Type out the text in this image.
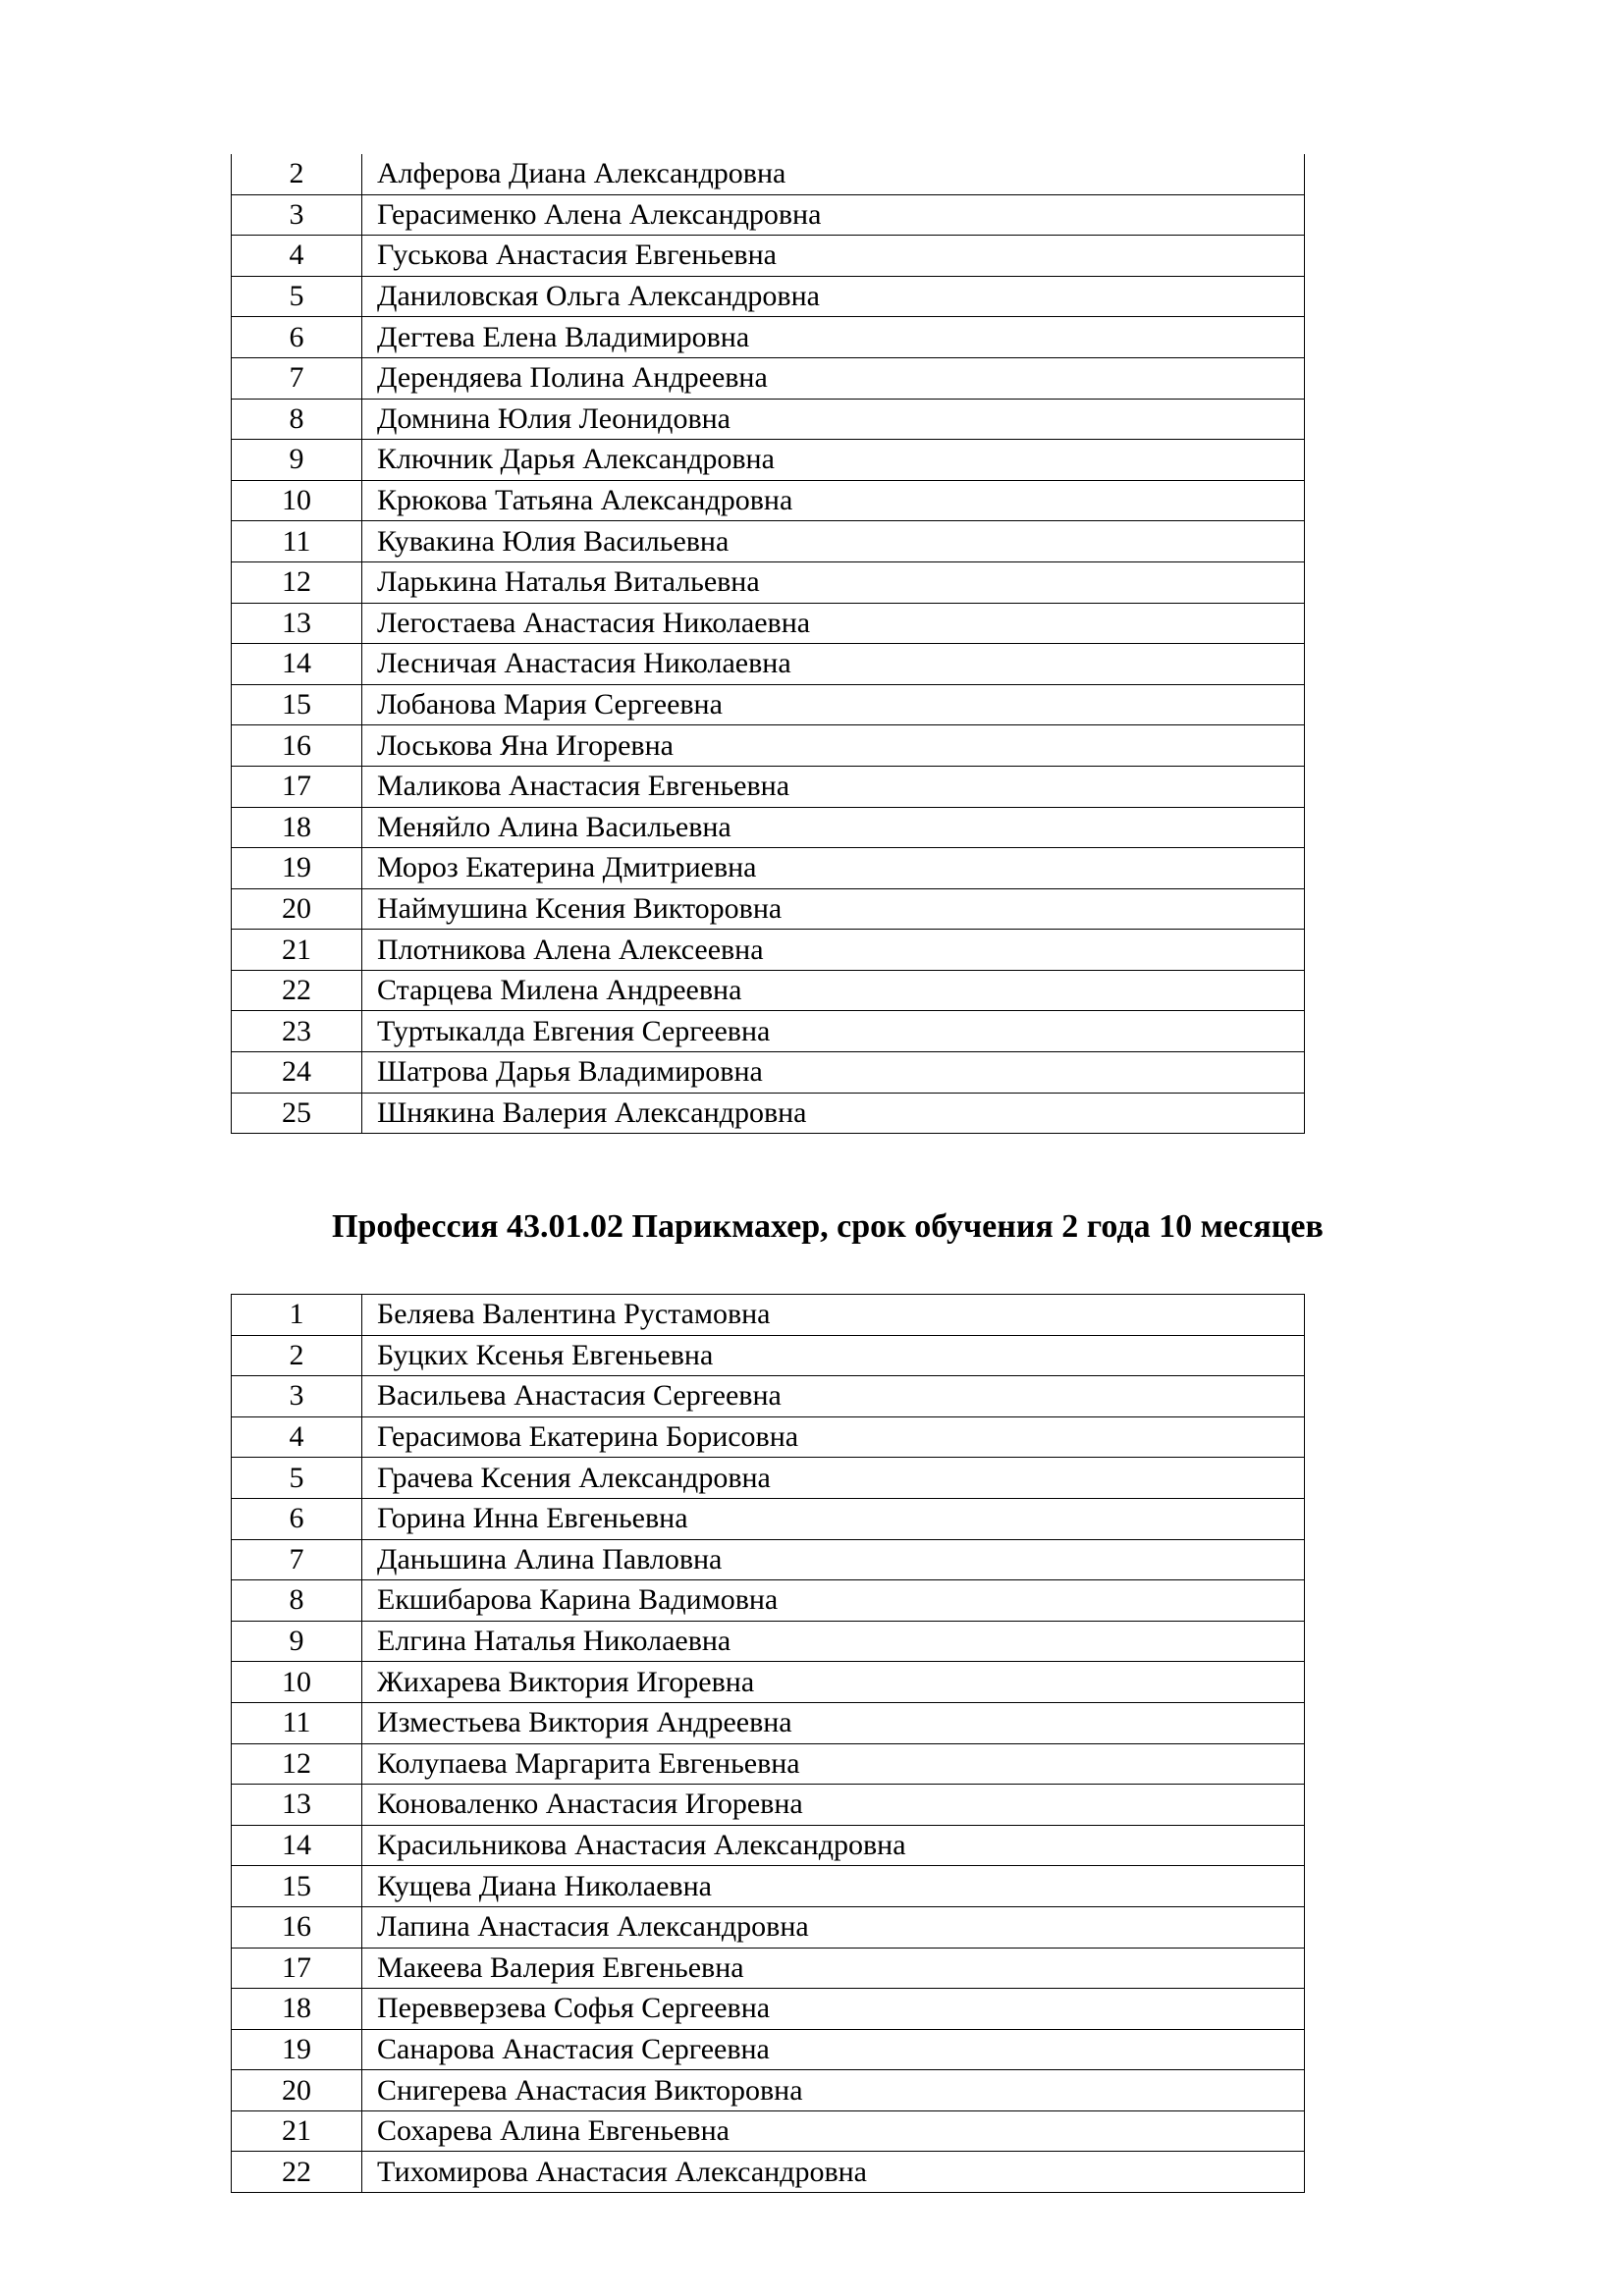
2	Алферова Диана Александровна
3	Герасименко Алена Александровна
4	Гуськова Анастасия Евгеньевна
5	Даниловская Ольга Александровна
6	Дегтева Елена Владимировна
7	Дерендяева Полина Андреевна
8	Домнина Юлия Леонидовна
9	Ключник Дарья Александровна
10	Крюкова Татьяна Александровна
11	Кувакина Юлия Васильевна
12	Ларькина Наталья Витальевна
13	Легостаева Анастасия Николаевна
14	Лесничая Анастасия Николаевна
15	Лобанова Мария Сергеевна
16	Лоськова Яна Игоревна
17	Маликова Анастасия Евгеньевна
18	Меняйло Алина Васильевна
19	Мороз Екатерина Дмитриевна
20	Наймушина Ксения Викторовна
21	Плотникова Алена Алексеевна
22	Старцева Милена Андреевна
23	Туртыкалда Евгения Сергеевна
24	Шатрова Дарья Владимировна
25	Шнякина Валерия Александровна
Профессия 43.01.02 Парикмахер, срок обучения 2 года 10 месяцев
1	Беляева Валентина Рустамовна
2	Буцких Ксенья Евгеньевна
3	Васильева Анастасия Сергеевна
4	Герасимова Екатерина Борисовна
5	Грачева Ксения Александровна
6	Горина Инна Евгеньевна
7	Даньшина Алина Павловна
8	Екшибарова Карина Вадимовна
9	Елгина Наталья Николаевна
10	Жихарева Виктория Игоревна
11	Изместьева Виктория Андреевна
12	Колупаева Маргарита Евгеньевна
13	Коноваленко Анастасия Игоревна
14	Красильникова Анастасия Александровна
15	Кущева Диана Николаевна
16	Лапина Анастасия Александровна
17	Макеева Валерия Евгеньевна
18	Перевверзева Софья Сергеевна
19	Санарова Анастасия Сергеевна
20	Снигерева Анастасия Викторовна
21	Сохарева Алина Евгеньевна
22	Тихомирова Анастасия Александровна
